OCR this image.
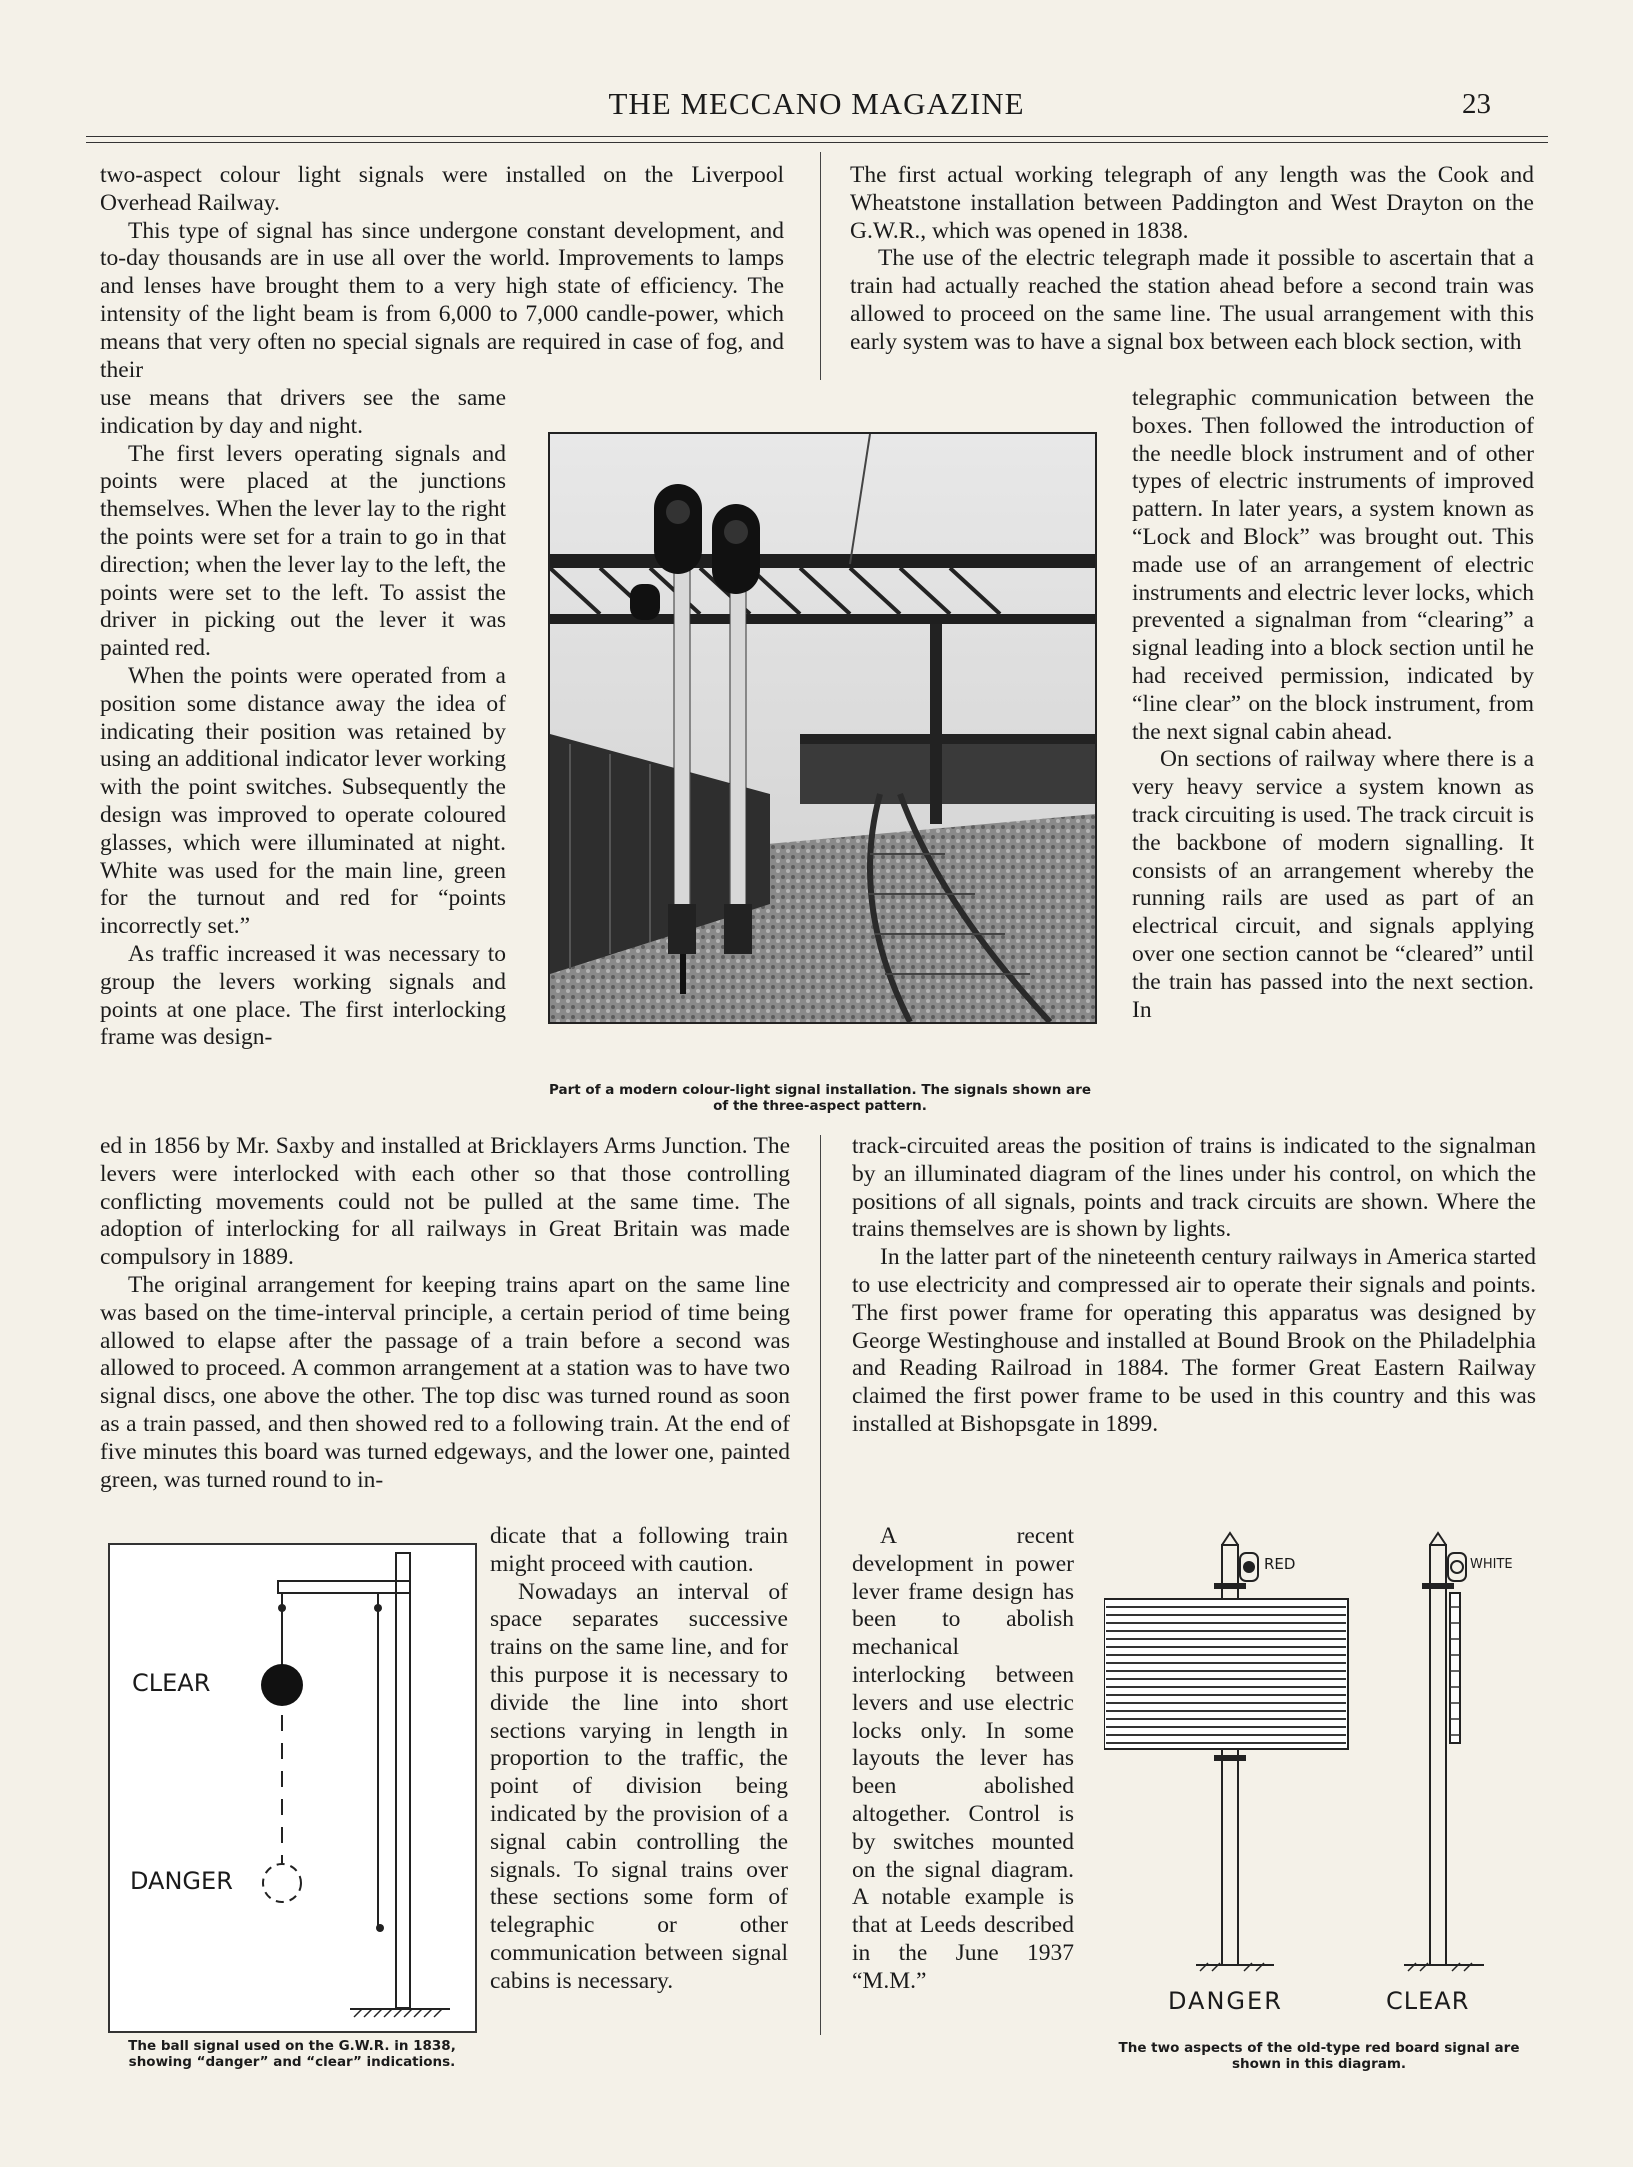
THE MECCANO MAGAZINE	23

two-aspect colour light signals were installed on the Liverpool Overhead Railway.

This type of signal has since undergone constant development, and to-day thousands are in use all over the world. Improvements to lamps and lenses have brought them to a very high state of efficiency. The intensity of the light beam is from 6,000 to 7,000 candle-power, which means that very often no special signals are required in case of fog, and their

use means that drivers see the same indication by day and night.

The first levers operating signals and points were placed at the junctions themselves. When the lever lay to the right the points were set for a train to go in that direction; when the lever lay to the left, the points were set to the left. To assist the driver in picking out the lever it was painted red.

When the points were operated from a position some distance away the idea of indicating their position was retained by using an additional indicator lever working with the point switches. Subsequently the design was improved to operate coloured glasses, which were illuminated at night. White was used for the main line, green for the turnout and red for “points incorrectly set.”

As traffic increased it was necessary to group the levers working signals and points at one place. The first interlocking frame was design-

ed in 1856 by Mr. Saxby and installed at Bricklayers Arms Junction. The levers were interlocked with each other so that those controlling conflicting movements could not be pulled at the same time. The adoption of interlocking for all railways in Great Britain was made compulsory in 1889.

The original arrangement for keeping trains apart on the same line was based on the time-interval principle, a certain period of time being allowed to elapse after the passage of a train before a second was allowed to proceed. A common arrangement at a station was to have two signal discs, one above the other. The top disc was turned round as soon as a train passed, and then showed red to a following train. At the end of five minutes this board was turned edgeways, and the lower one, painted green, was turned round to in-

dicate that a following train might proceed with caution.

Nowadays an interval of space separates successive trains on the same line, and for this purpose it is necessary to divide the line into short sections varying in length in proportion to the traffic, the point of division being indicated by the provision of a signal cabin controlling the signals. To signal trains over these sections some form of telegraphic or other communication between signal cabins is necessary.

The first actual working telegraph of any length was the Cook and Wheatstone installation between Paddington and West Drayton on the G.W.R., which was opened in 1838.

The use of the electric telegraph made it possible to ascertain that a train had actually reached the station ahead before a second train was allowed to proceed on the same line. The usual arrangement with this early system was to have a signal box between each block section, with

telegraphic communication between the boxes. Then followed the introduction of the needle block instrument and of other types of electric instruments of improved pattern. In later years, a system known as “Lock and Block” was brought out. This made use of an arrangement of electric instruments and electric lever locks, which prevented a signalman from “clearing” a signal leading into a block section until he had received permission, indicated by “line clear” on the block instrument, from the next signal cabin ahead.

On sections of railway where there is a very heavy service a system known as track circuiting is used. The track circuit is the backbone of modern signalling. It consists of an arrangement whereby the running rails are used as part of an electrical circuit, and signals applying over one section cannot be “cleared” until the train has passed into the next section. In

track-circuited areas the position of trains is indicated to the signalman by an illuminated diagram of the lines under his control, on which the positions of all signals, points and track circuits are shown. Where the trains themselves are is shown by lights.

In the latter part of the nineteenth century railways in America started to use electricity and compressed air to operate their signals and points. The first power frame for operating this apparatus was designed by George Westinghouse and installed at Bound Brook on the Philadelphia and Reading Railroad in 1884. The former Great Eastern Railway claimed the first power frame to be used in this country and this was installed at Bishopsgate in 1899.

A recent development in power lever frame design has been to abolish mechanical interlocking between levers and use electric locks only. In some layouts the lever has been abolished altogether. Control is by switches mounted on the signal diagram. A notable example is that at Leeds described in the June 1937 “M.M.”

Part of a modern colour-light signal installation. The signals shown are of the three-aspect pattern.
CLEAR
DANGER
The ball signal used on the G.W.R. in 1838, showing “danger” and “clear” indications.
RED	WHITE
DANGER	CLEAR
The two aspects of the old-type red board signal are shown in this diagram.
